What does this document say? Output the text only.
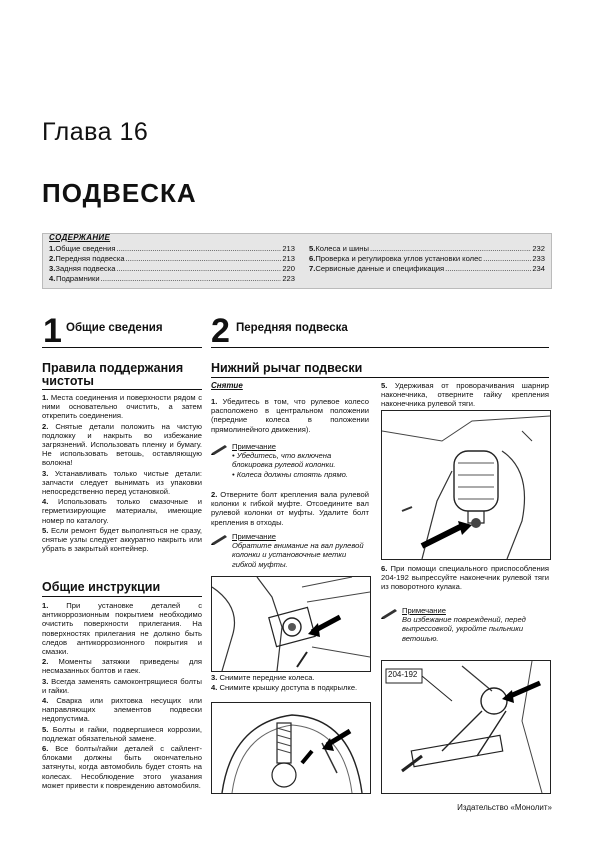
Глава 16
ПОДВЕСКА
СОДЕРЖАНИЕ
1. Общие сведения .....	213
2. Передняя подвеска .....	213
3. Задняя подвеска .....	220
4. Подрамники .....	223
5. Колеса и шины .....	232
6. Проверка и регулировка углов установки колес .....	233
7. Сервисные данные и спецификация .....	234
1 Общие сведения
Правила поддержания
чистоты

1. Места соединения и поверхности рядом с ними основательно очистить, а затем открепить соединения.

2. Снятые детали положить на чистую подложку и накрыть во избежание загрязнений. Использовать пленку и бумагу. Не использовать ветошь, оставляющую волокна!

3. Устанавливать только чистые детали: запчасти следует вынимать из упаковки непосредственно перед установкой.

4. Использовать только смазочные и герметизирующие материалы, имеющие номер по каталогу.

5. Если ремонт будет выполняться не сразу, снятые узлы следует аккуратно накрыть или убрать в закрытый контейнер.

Общие инструкции

1. При установке деталей с антикоррозионным покрытием необходимо очистить поверхности прилегания. На поверхностях прилегания не должно быть следов антикоррозионного покрытия и смазки.

2. Моменты затяжки приведены для несмазанных болтов и гаек.

3. Всегда заменять самоконтрящиеся болты и гайки.

4. Сварка или рихтовка несущих или направляющих элементов подвески недопустима.

5. Болты и гайки, подвергшиеся коррозии, подлежат обязательной замене.

6. Все болты/гайки деталей с сайлент-блоками должны быть окончательно затянуты, когда автомобиль будет стоять на колесах. Несоблюдение этого указания может привести к повреждению автомобиля.

2 Передняя подвеска
Нижний рычаг подвески
Снятие

1. Убедитесь в том, что рулевое колесо расположено в центральном положении (передние колеса в положении прямолинейного движения).

Примечание
• Убедитесь, что включена блокировка рулевой колонки.
• Колеса должны стоять прямо.

2. Отверните болт крепления вала рулевой колонки к гибкой муфте. Отсоедините вал рулевой колонки от муфты. Удалите болт крепления в отходы.

Примечание
Обратите внимание на вал рулевой колонки и установочные метки гибкой муфты.

3. Снимите передние колеса.

4. Снимите крышку доступа в подкрылке.

5. Удерживая от проворачивания шарнир наконечника, отверните гайку крепления наконечника рулевой тяги.

6. При помощи специального приспособления 204-192 выпрессуйте наконечник рулевой тяги из поворотного кулака.

Примечание
Во избежание повреждений, перед выпрессовкой, укройте пыльники ветошью.
204-192
Издательство «Монолит»
